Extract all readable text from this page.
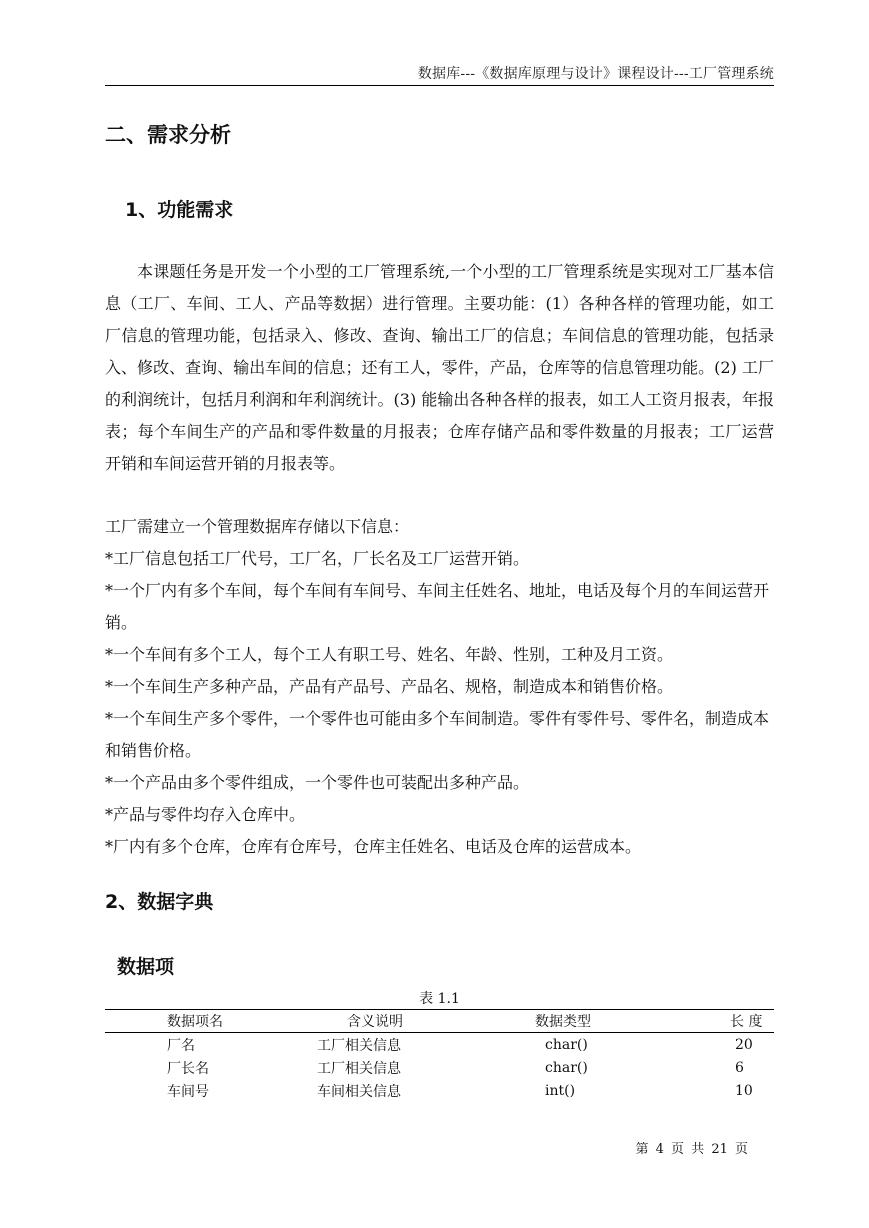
数据库---《数据库原理与设计》课程设计---工厂管理系统
二、需求分析
1、功能需求

本课题任务是开发一个小型的工厂管理系统,一个小型的工厂管理系统是实现对工厂基本信息（工厂、车间、工人、产品等数据）进行管理。主要功能：(1）各种各样的管理功能，如工厂信息的管理功能，包括录入、修改、查询、输出工厂的信息；车间信息的管理功能，包括录入、修改、查询、输出车间的信息；还有工人，零件，产品，仓库等的信息管理功能。(2) 工厂的利润统计，包括月利润和年利润统计。(3) 能输出各种各样的报表，如工人工资月报表，年报表；每个车间生产的产品和零件数量的月报表；仓库存储产品和零件数量的月报表；工厂运营开销和车间运营开销的月报表等。

工厂需建立一个管理数据库存储以下信息：
*工厂信息包括工厂代号，工厂名，厂长名及工厂运营开销。
*一个厂内有多个车间，每个车间有车间号、车间主任姓名、地址，电话及每个月的车间运营开销。
*一个车间有多个工人，每个工人有职工号、姓名、年龄、性别，工种及月工资。
*一个车间生产多种产品，产品有产品号、产品名、规格，制造成本和销售价格。
*一个车间生产多个零件，一个零件也可能由多个车间制造。零件有零件号、零件名，制造成本和销售价格。
*一个产品由多个零件组成，一个零件也可装配出多种产品。
*产品与零件均存入仓库中。
*厂内有多个仓库，仓库有仓库号，仓库主任姓名、电话及仓库的运营成本。
2、数据字典
数据项
表 1.1
数据项名	含义说明	数据类型	长 度
厂名	工厂相关信息	char()	20
厂长名	工厂相关信息	char()	6
车间号	车间相关信息	int()	10
第 4 页 共 21 页
